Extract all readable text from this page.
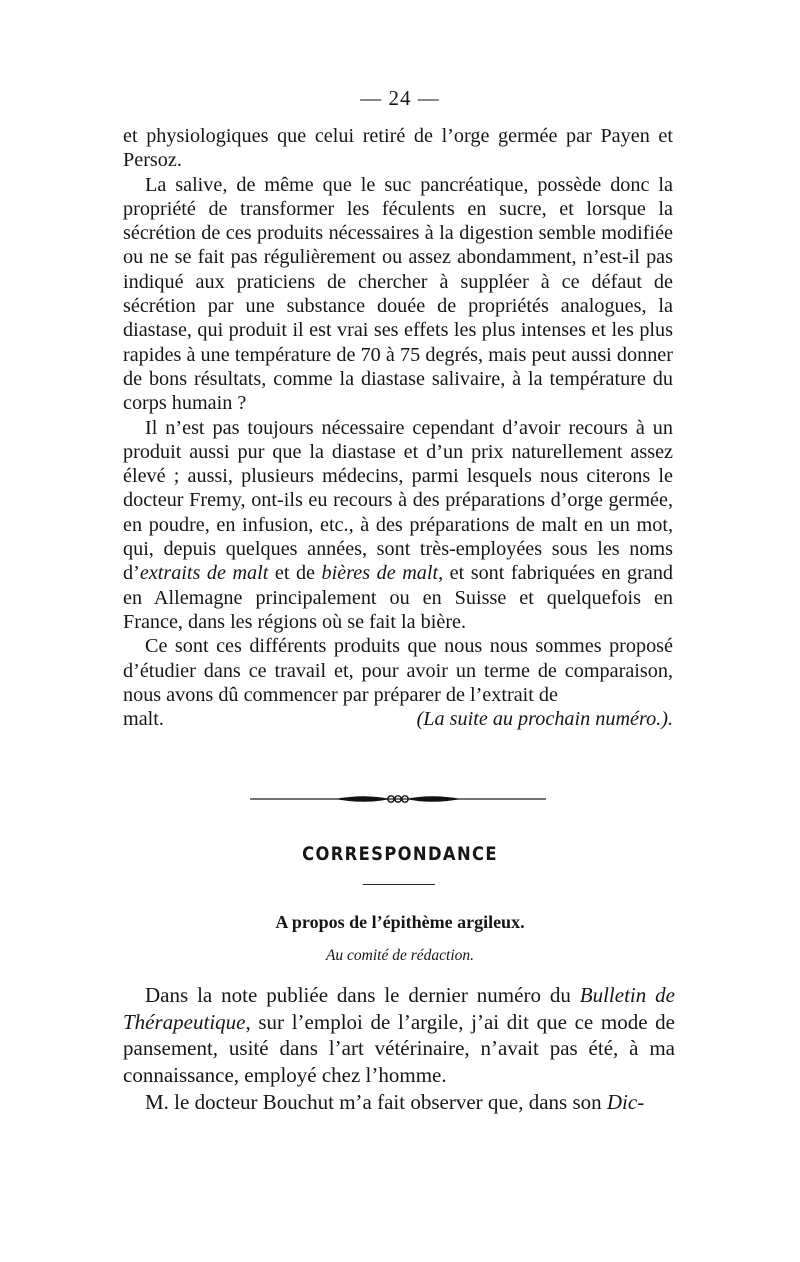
— 24 —

et physiologiques que celui retiré de l’orge germée par Payen et Persoz.

La salive, de même que le suc pancréatique, possède donc la propriété de transformer les féculents en sucre, et lorsque la sécrétion de ces produits nécessaires à la digestion semble modifiée ou ne se fait pas régulièrement ou assez abondamment, n’est-il pas indiqué aux praticiens de chercher à suppléer à ce défaut de sécrétion par une substance douée de propriétés analogues, la diastase, qui produit il est vrai ses effets les plus intenses et les plus rapides à une température de 70 à 75 degrés, mais peut aussi donner de bons résultats, comme la diastase salivaire, à la température du corps humain ?

Il n’est pas toujours nécessaire cependant d’avoir recours à un produit aussi pur que la diastase et d’un prix naturellement assez élevé ; aussi, plusieurs médecins, parmi lesquels nous citerons le docteur Fremy, ont-ils eu recours à des préparations d’orge germée, en poudre, en infusion, etc., à des préparations de malt en un mot, qui, depuis quelques années, sont très-employées sous les noms d’extraits de malt et de bières de malt, et sont fabriquées en grand en Allemagne principalement ou en Suisse et quelquefois en France, dans les régions où se fait la bière.

Ce sont ces différents produits que nous nous sommes proposé d’étudier dans ce travail et, pour avoir un terme de comparaison, nous avons dû commencer par préparer de l’extrait de

malt.	(La suite au prochain numéro.).
CORRESPONDANCE
A propos de l’épithème argileux.
Au comité de rédaction.

Dans la note publiée dans le dernier numéro du Bulletin de Thérapeutique, sur l’emploi de l’argile, j’ai dit que ce mode de pansement, usité dans l’art vétérinaire, n’avait pas été, à ma connaissance, employé chez l’homme.

M. le docteur Bouchut m’a fait observer que, dans son Dic-
